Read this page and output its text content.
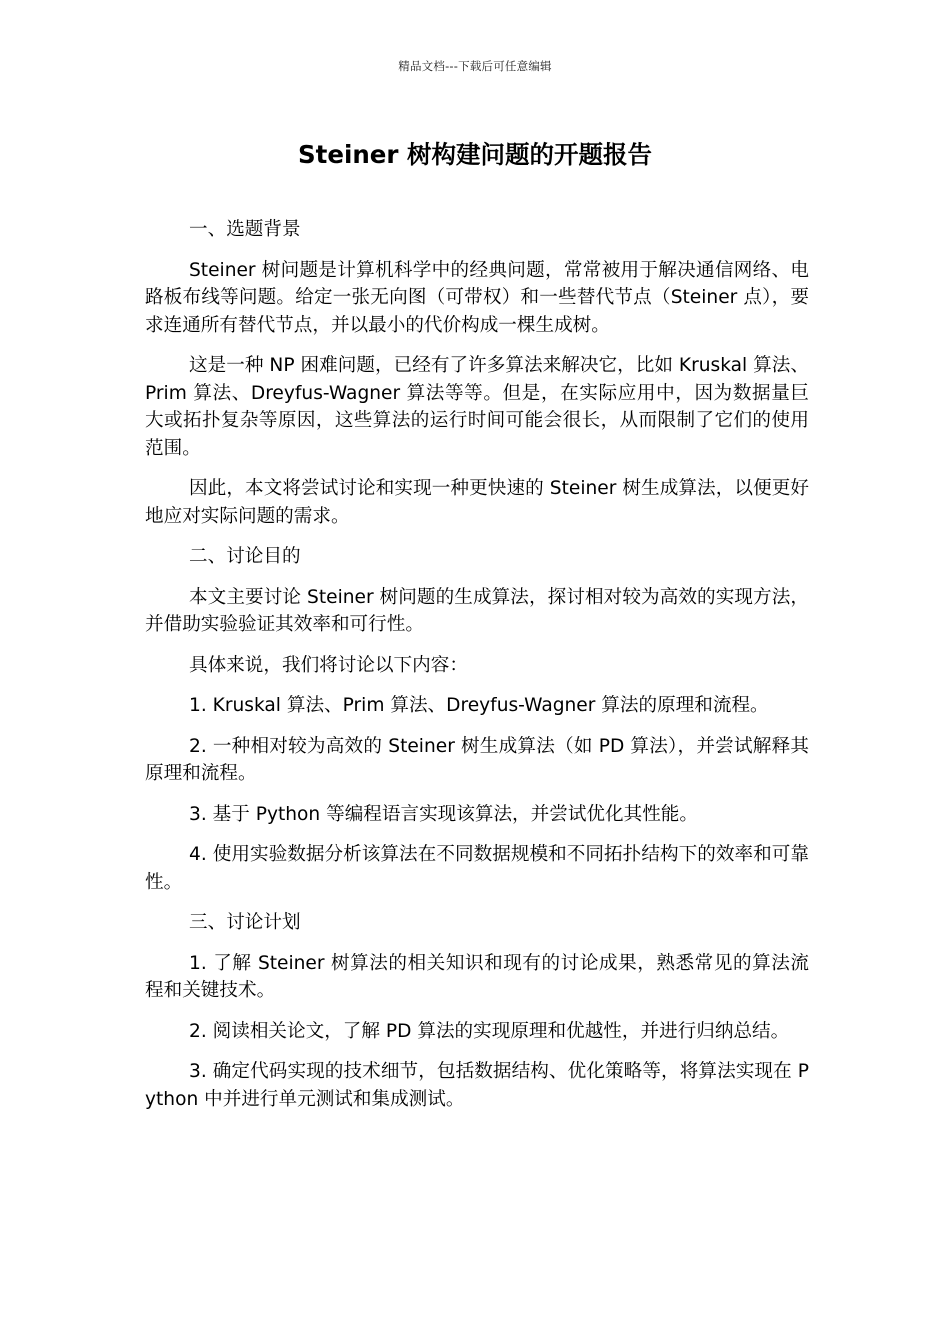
精品文档---下载后可任意编辑
Steiner 树构建问题的开题报告

一、选题背景

Steiner 树问题是计算机科学中的经典问题，常常被用于解决通信网络、电路板布线等问题。给定一张无向图（可带权）和一些替代节点（Steiner 点），要求连通所有替代节点，并以最小的代价构成一棵生成树。

这是一种 NP 困难问题，已经有了许多算法来解决它，比如 Kruskal 算法、Prim 算法、Dreyfus-Wagner 算法等等。但是，在实际应用中，因为数据量巨大或拓扑复杂等原因，这些算法的运行时间可能会很长，从而限制了它们的使用范围。

因此，本文将尝试讨论和实现一种更快速的 Steiner 树生成算法，以便更好地应对实际问题的需求。

二、讨论目的

本文主要讨论 Steiner 树问题的生成算法，探讨相对较为高效的实现方法，并借助实验验证其效率和可行性。

具体来说，我们将讨论以下内容：

1. Kruskal 算法、Prim 算法、Dreyfus-Wagner 算法的原理和流程。

2. 一种相对较为高效的 Steiner 树生成算法（如 PD 算法），并尝试解释其原理和流程。

3. 基于 Python 等编程语言实现该算法，并尝试优化其性能。

4. 使用实验数据分析该算法在不同数据规模和不同拓扑结构下的效率和可靠性。

三、讨论计划

1. 了解 Steiner 树算法的相关知识和现有的讨论成果，熟悉常见的算法流程和关键技术。

2. 阅读相关论文，了解 PD 算法的实现原理和优越性，并进行归纳总结。

3. 确定代码实现的技术细节，包括数据结构、优化策略等，将算法实现在 Python 中并进行单元测试和集成测试。
